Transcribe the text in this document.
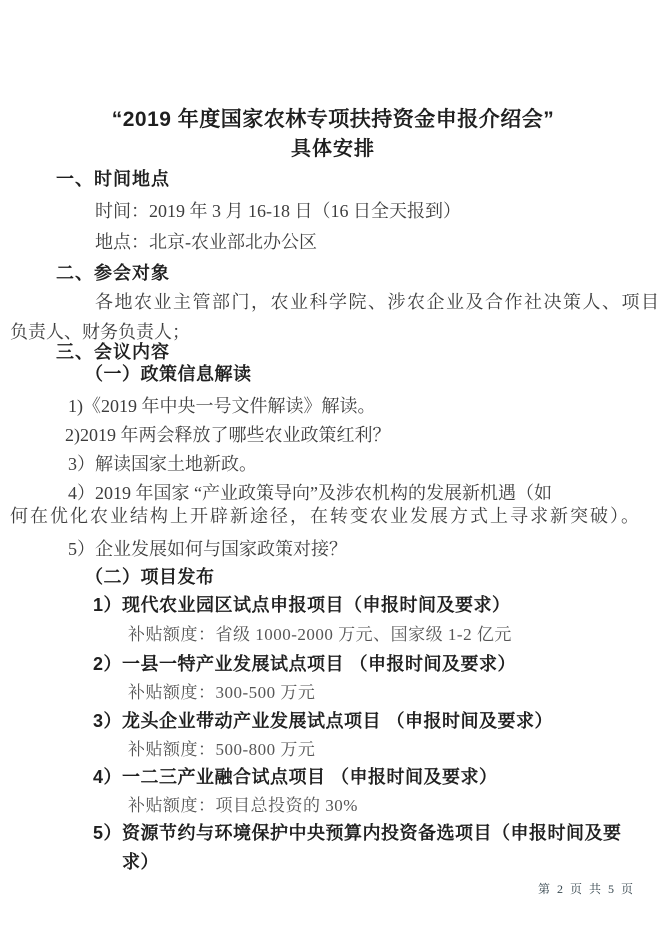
“2019 年度国家农林专项扶持资金申报介绍会”
具体安排
一、时间地点
时间：2019 年 3 月 16-18 日（16 日全天报到）
地点：北京-农业部北办公区
二、参会对象
各地农业主管部门，农业科学院、涉农企业及合作社决策人、项目
负责人、财务负责人；
三、会议内容
（一）政策信息解读
1)《2019 年中央一号文件解读》解读。
2)2019 年两会释放了哪些农业政策红利？
3）解读国家土地新政。
4）2019 年国家 “产业政策导向”及涉农机构的发展新机遇（如
何在优化农业结构上开辟新途径，在转变农业发展方式上寻求新突破）。
5）企业发展如何与国家政策对接？
（二）项目发布
1）现代农业园区试点申报项目（申报时间及要求）
补贴额度：省级 1000-2000 万元、国家级 1-2 亿元
2）一县一特产业发展试点项目 （申报时间及要求）
补贴额度：300-500 万元
3）龙头企业带动产业发展试点项目 （申报时间及要求）
补贴额度：500-800 万元
4）一二三产业融合试点项目 （申报时间及要求）
补贴额度：项目总投资的 30%
5）资源节约与环境保护中央预算内投资备选项目（申报时间及要
求）
第 2 页 共 5 页
